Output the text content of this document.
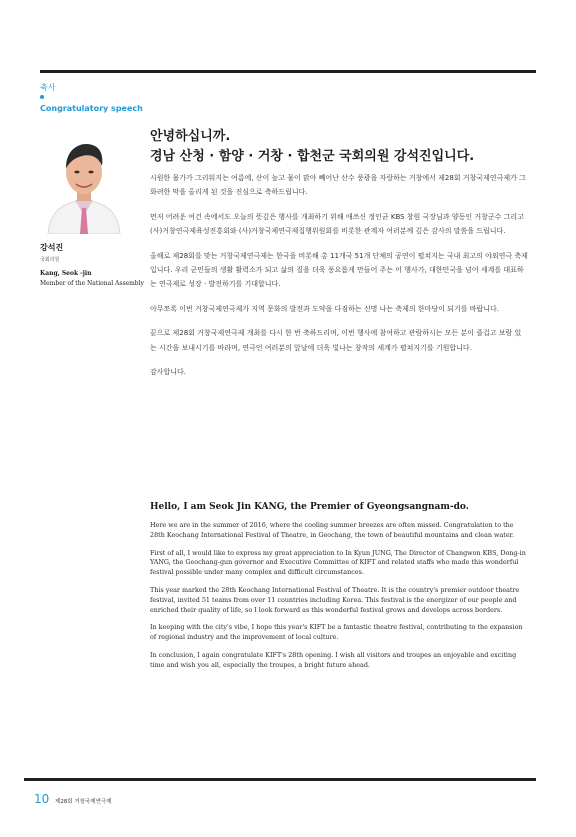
축사
Congratulatory speech
강석진
국회의원
Kang, Seok -jin
Member of the National Assembly
안녕하십니까.
경남 산청 · 함양 · 거창 · 합천군 국회의원 강석진입니다.

시원한 물가가 그리워지는 여름에, 산이 높고 물이 맑아 빼어난 산수 풍광을 자랑하는 거창에서 제28회 거창국제연극제가 그 화려한 막을 올리게 된 것을 진심으로 축하드립니다.

먼저 어려운 여건 속에서도 오늘의 뜻깊은 행사를 개최하기 위해 애쓰신 정인균 KBS 창원 국장님과 양동인 거창군수 그리고 (사)거창연극제육성진흥회와 (사)거창국제연극제집행위원회를 비롯한 관계자 여러분께 깊은 감사의 말씀을 드립니다.

올해로 제28회를 맞는 거창국제연극제는 한국을 비롯해 총 11개국 51개 단체의 공연이 펼쳐지는 국내 최고의 야외연극 축제입니다. 우리 군민들의 생활 활력소가 되고 삶의 질을 더욱 풍요롭게 만들어 주는 이 행사가, 대한민국을 넘어 세계를 대표하는 연극제로 성장 · 발전하기를 기대합니다.

아무쪼록 이번 거창국제연극제가 지역 문화의 발전과 도약을 다짐하는 신명 나는 축제의 한마당이 되기를 바랍니다.

끝으로 제28회 거창국제연극제 개최를 다시 한 번 축하드리며, 이번 행사에 참여하고 관람하시는 모든 분이 즐겁고 보람 있는 시간을 보내시기를 바라며, 연극인 여러분의 앞날에 더욱 빛나는 창작의 세계가 펼쳐지기를 기원합니다.

감사합니다.

Hello, I am Seok Jin KANG, the Premier of Gyeongsangnam-do.

Here we are in the summer of 2016, where the cooling summer breezes are often missed. Congratulation to the 28th Keochang International Festival of Theatre, in Geochang, the town of beautiful mountains and clean water.

First of all, I would like to express my great appreciation to In Kyun JUNG, The Director of Changwon KBS, Dong-in YANG, the Geochang-gun governor and Executive Committee of KIFT and related staffs who made this wonderful festival possible under many complex and difficult circumstances.

This year marked the 28th Keochang International Festival of Theatre. It is the country's premier outdoor theatre festival, invited 51 teams from over 11 countries including Korea. This festival is the energizer of our people and enriched their quality of life, so I look forward as this wonderful festival grows and develops across borders.

In keeping with the city's vibe, I hope this year's KIFT be a fantastic theatre festival, contributing to the expansion of regional industry and the improvement of local culture.

In conclusion, I again congratulate KIFT's 28th opening. I wish all visitors and troupes an enjoyable and exciting time and wish you all, especially the troupes, a bright future ahead.

10 제28회 거창국제연극제
